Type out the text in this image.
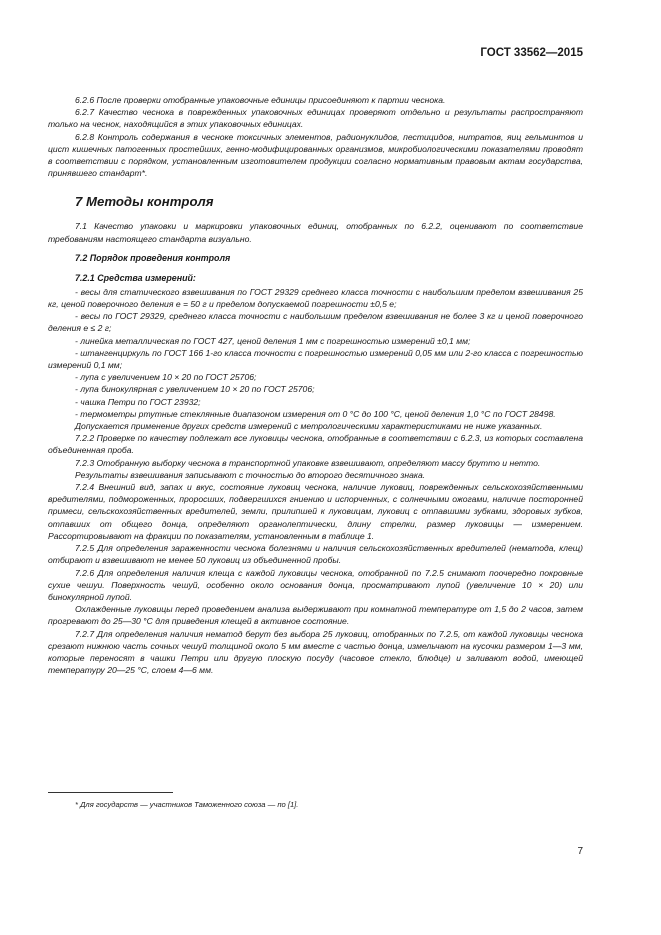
ГОСТ 33562—2015

6.2.6 После проверки отобранные упаковочные единицы присоединяют к партии чеснока.

6.2.7 Качество чеснока в поврежденных упаковочных единицах проверяют отдельно и результаты распространяют только на чеснок, находящийся в этих упаковочных единицах.

6.2.8 Контроль содержания в чесноке токсичных элементов, радионуклидов, пестицидов, нитратов, яиц гельминтов и цист кишечных патогенных простейших, генно-модифицированных организмов, микробиологическими показателями проводят в соответствии с порядком, установленным изготовителем продукции согласно нормативным правовым актам государства, принявшего стандарт*.

7 Методы контроля

7.1 Качество упаковки и маркировки упаковочных единиц, отобранных по 6.2.2, оценивают по соответствие требованиям настоящего стандарта визуально.

7.2 Порядок проведения контроля
7.2.1 Средства измерений:

- весы для статического взвешивания по ГОСТ 29329 среднего класса точности с наибольшим пределом взвешивания 25 кг, ценой поверочного деления е = 50 г и пределом допускаемой погрешности ±0,5 е;

- весы по ГОСТ 29329, среднего класса точности с наибольшим пределом взвешивания не более 3 кг и ценой поверочного деления е ≤ 2 г;

- линейка металлическая по ГОСТ 427, ценой деления 1 мм с погрешностью измерений ±0,1 мм;

- штангенциркуль по ГОСТ 166 1-го класса точности с погрешностью измерений 0,05 мм или 2-го класса с погрешностью измерений 0,1 мм;

- лупа с увеличением 10 × 20 по ГОСТ 25706;

- лупа бинокулярная с увеличением 10 × 20 по ГОСТ 25706;

- чашка Петри по ГОСТ 23932;

- термометры ртутные стеклянные диапазоном измерения от 0 °С до 100 °С, ценой деления 1,0 °С по ГОСТ 28498.

Допускается применение других средств измерений с метрологическими характеристиками не ниже указанных.

7.2.2 Проверке по качеству подлежат все луковицы чеснока, отобранные в соответствии с 6.2.3, из которых составлена объединенная проба.

7.2.3 Отобранную выборку чеснока в транспортной упаковке взвешивают, определяют массу брутто и нетто.

Результаты взвешивания записывают с точностью до второго десятичного знака.

7.2.4 Внешний вид, запах и вкус, состояние луковиц чеснока, наличие луковиц, поврежденных сельскохозяйственными вредителями, подмороженных, проросших, подвергшихся гниению и испорченных, с солнечными ожогами, наличие посторонней примеси, сельскохозяйственных вредителей, земли, прилипшей к луковицам, луковиц с отпавшими зубками, здоровых зубков, отпавших от общего донца, определяют органолептически, длину стрелки, размер луковицы — измерением. Рассортировывают на фракции по показателям, установленным в таблице 1.

7.2.5 Для определения зараженности чеснока болезнями и наличия сельскохозяйственных вредителей (нематода, клещ) отбирают и взвешивают не менее 50 луковиц из объединенной пробы.

7.2.6 Для определения наличия клеща с каждой луковицы чеснока, отобранной по 7.2.5 снимают поочередно покровные сухие чешуи. Поверхность чешуй, особенно около основания донца, просматривают лупой (увеличение 10 × 20) или бинокулярной лупой.

Охлажденные луковицы перед проведением анализа выдерживают при комнатной температуре от 1,5 до 2 часов, затем прогревают до 25—30 °С для приведения клещей в активное состояние.

7.2.7 Для определения наличия нематод берут без выбора 25 луковиц, отобранных по 7.2.5, от каждой луковицы чеснока срезают нижнюю часть сочных чешуй толщиной около 5 мм вместе с частью донца, измельчают на кусочки размером 1—3 мм, которые переносят в чашки Петри или другую плоскую посуду (часовое стекло, блюдце) и заливают водой, имеющей температуру 20—25 °С, слоем 4—6 мм.

* Для государств — участников Таможенного союза — по [1].
7
